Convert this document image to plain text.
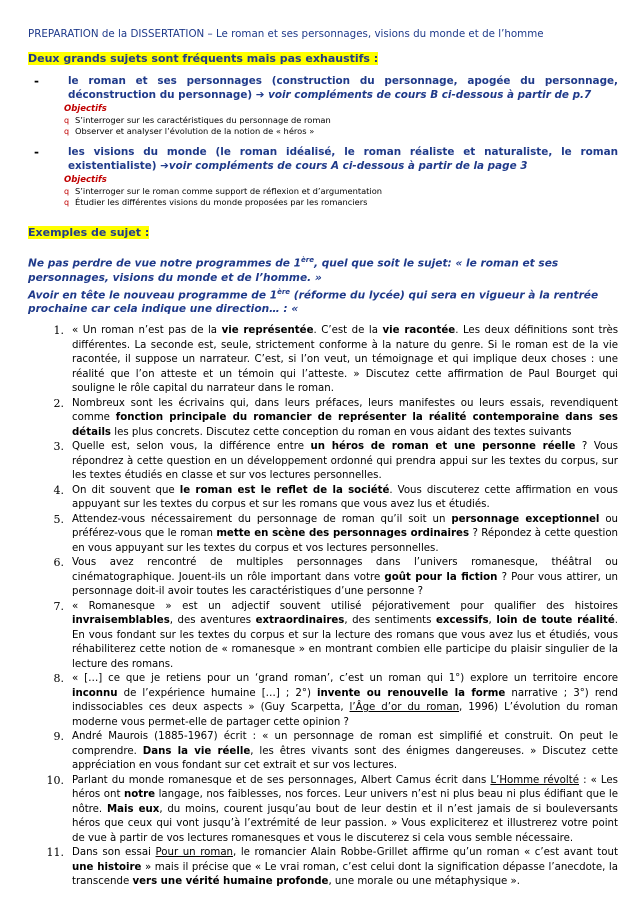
PREPARATION de la DISSERTATION – Le roman et ses personnages, visions du monde et de l’homme
Deux grands sujets sont fréquents mais pas exhaustifs :
-	le roman et ses personnages (construction du personnage, apogée du personnage, déconstruction du personnage) ➔ voir compléments de cours B ci-dessous à partir de p.7
Objectifs
q S’interroger sur les caractéristiques du personnage de roman
q Observer et analyser l’évolution de la notion de « héros »
-	les visions du monde (le roman idéalisé, le roman réaliste et naturaliste, le roman existentialiste) ➔voir compléments de cours A ci-dessous à partir de la page 3
Objectifs
q S’interroger sur le roman comme support de réflexion et d’argumentation
q Étudier les différentes visions du monde proposées par les romanciers
Exemples de sujet :
Ne pas perdre de vue notre programmes de 1ère, quel que soit le sujet: « le roman et ses personnages, visions du monde et de l’homme. »
Avoir en tête le nouveau programme de 1ère (réforme du lycée) qui sera en vigueur à la rentrée prochaine car cela indique une direction… : «
1. « Un roman n’est pas de la vie représentée. C’est de la vie racontée. Les deux définitions sont très différentes. La seconde est, seule, strictement conforme à la nature du genre. Si le roman est de la vie racontée, il suppose un narrateur. C’est, si l’on veut, un témoignage et qui implique deux choses : une réalité que l’on atteste et un témoin qui l’atteste. » Discutez cette affirmation de Paul Bourget qui souligne le rôle capital du narrateur dans le roman.
2. Nombreux sont les écrivains qui, dans leurs préfaces, leurs manifestes ou leurs essais, revendiquent comme fonction principale du romancier de représenter la réalité contemporaine dans ses détails les plus concrets. Discutez cette conception du roman en vous aidant des textes suivants
3. Quelle est, selon vous, la différence entre un héros de roman et une personne réelle ? Vous répondrez à cette question en un développement ordonné qui prendra appui sur les textes du corpus, sur les textes étudiés en classe et sur vos lectures personnelles.
4. On dit souvent que le roman est le reflet de la société. Vous discuterez cette affirmation en vous appuyant sur les textes du corpus et sur les romans que vous avez lus et étudiés.
5. Attendez-vous nécessairement du personnage de roman qu’il soit un personnage exceptionnel ou préférez-vous que le roman mette en scène des personnages ordinaires ? Répondez à cette question en vous appuyant sur les textes du corpus et vos lectures personnelles.
6. Vous avez rencontré de multiples personnages dans l’univers romanesque, théâtral ou cinématographique. Jouent-ils un rôle important dans votre goût pour la fiction ? Pour vous attirer, un personnage doit-il avoir toutes les caractéristiques d’une personne ?
7. « Romanesque » est un adjectif souvent utilisé péjorativement pour qualifier des histoires invraisemblables, des aventures extraordinaires, des sentiments excessifs, loin de toute réalité. En vous fondant sur les textes du corpus et sur la lecture des romans que vous avez lus et étudiés, vous réhabiliterez cette notion de « romanesque » en montrant combien elle participe du plaisir singulier de la lecture des romans.
8. « […] ce que je retiens pour un ‘grand roman’, c’est un roman qui 1°) explore un territoire encore inconnu de l’expérience humaine […] ; 2°) invente ou renouvelle la forme narrative ; 3°) rend indissociables ces deux aspects » (Guy Scarpetta, l’Âge d’or du roman, 1996) L’évolution du roman moderne vous permet-elle de partager cette opinion ?
9. André Maurois (1885-1967) écrit : « un personnage de roman est simplifié et construit. On peut le comprendre. Dans la vie réelle, les êtres vivants sont des énigmes dangereuses. » Discutez cette appréciation en vous fondant sur cet extrait et sur vos lectures.
10. Parlant du monde romanesque et de ses personnages, Albert Camus écrit dans L’Homme révolté : « Les héros ont notre langage, nos faiblesses, nos forces. Leur univers n’est ni plus beau ni plus édifiant que le nôtre. Mais eux, du moins, courent jusqu’au bout de leur destin et il n’est jamais de si bouleversants héros que ceux qui vont jusqu’à l’extrémité de leur passion. » Vous expliciterez et illustrerez votre point de vue à partir de vos lectures romanesques et vous le discuterez si cela vous semble nécessaire.
11. Dans son essai Pour un roman, le romancier Alain Robbe-Grillet affirme qu’un roman « c’est avant tout une histoire » mais il précise que « Le vrai roman, c’est celui dont la signification dépasse l’anecdote, la transcende vers une vérité humaine profonde, une morale ou une métaphysique ».
